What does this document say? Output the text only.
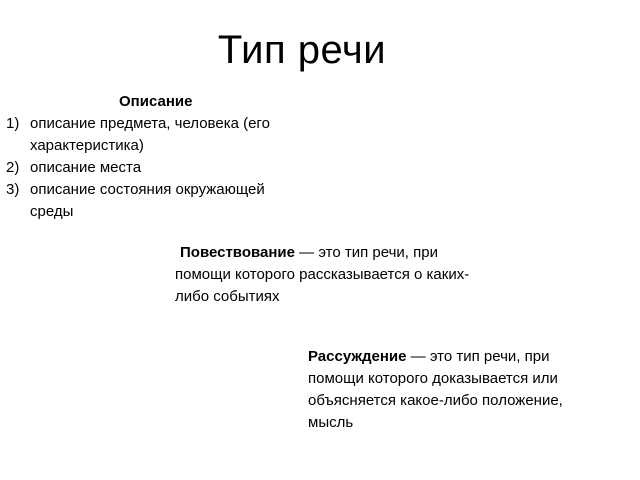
Тип речи
Описание
1) описание предмета, человека (его характеристика)
2) описание места
3) описание состояния окружающей среды
Повествование — это тип речи, при помощи которого рассказывается о каких-либо событиях
Рассуждение — это тип речи, при помощи которого доказывается или объясняется какое-либо положение, мысль
